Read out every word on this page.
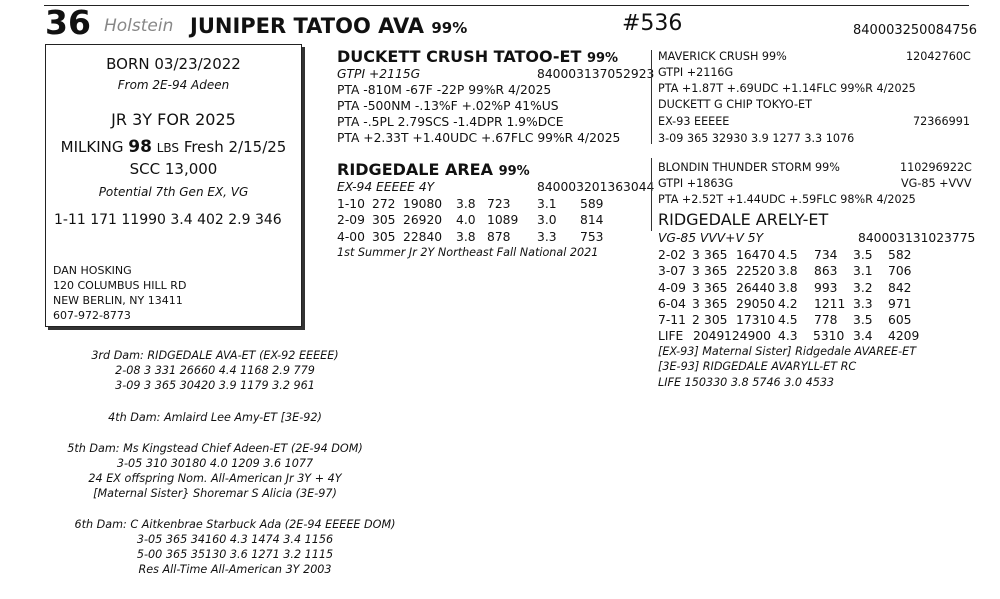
36 Holstein JUNIPER TATOO AVA 99%	#536	840003250084756
BORN 03/23/2022
From 2E-94 Adeen
JR 3Y FOR 2025
MILKING 98 LBS Fresh 2/15/25
SCC 13,000
Potential 7th Gen EX, VG
1-11 171 11990 3.4 402 2.9 346
DAN HOSKING
120 COLUMBUS HILL RD
NEW BERLIN, NY 13411
607-972-8773
DUCKETT CRUSH TATOO-ET 99%
GTPI +2115G	840003137052923
PTA -810M -67F -22P 99%R 4/2025
PTA -500NM -.13%F +.02%P 41%US
PTA -.5PL 2.79SCS -1.4DPR 1.9%DCE
PTA +2.33T +1.40UDC +.67FLC 99%R 4/2025
RIDGEDALE AREA 99%
EX-94 EEEEE 4Y	840003201363044
1-10 272 19080 3.8 723 3.1 589
2-09 305 26920 4.0 1089 3.0 814
4-00 305 22840 3.8 878 3.3 753
1st Summer Jr 2Y Northeast Fall National 2021
MAVERICK CRUSH 99%	12042760C
GTPI +2116G
PTA +1.87T +.69UDC +1.14FLC 99%R 4/2025
DUCKETT G CHIP TOKYO-ET
EX-93 EEEEE	72366991
3-09 365 32930 3.9 1277 3.3 1076
BLONDIN THUNDER STORM 99%	110296922C
GTPI +1863G	VG-85 +VVV
PTA +2.52T +1.44UDC +.59FLC 98%R 4/2025
RIDGEDALE ARELY-ET
VG-85 VVV+V 5Y	840003131023775
2-02 3 365 16470 4.5 734 3.5 582
3-07 3 365 22520 3.8 863 3.1 706
4-09 3 365 26440 3.8 993 3.2 842
6-04 3 365 29050 4.2 1211 3.3 971
7-11 2 305 17310 4.5 778 3.5 605
LIFE 2049 124900 4.3 5310 3.4 4209
[EX-93] Maternal Sister] Ridgedale AVAREE-ET
[3E-93] RIDGEDALE AVARYLL-ET RC
LIFE 150330 3.8 5746 3.0 4533
3rd Dam: RIDGEDALE AVA-ET (EX-92 EEEEE)
2-08 3 331 26660 4.4 1168 2.9 779
3-09 3 365 30420 3.9 1179 3.2 961
4th Dam: Amlaird Lee Amy-ET [3E-92)
5th Dam: Ms Kingstead Chief Adeen-ET (2E-94 DOM)
3-05 310 30180 4.0 1209 3.6 1077
24 EX offspring Nom. All-American Jr 3Y + 4Y
[Maternal Sister} Shoremar S Alicia (3E-97)
6th Dam: C Aitkenbrae Starbuck Ada (2E-94 EEEEE DOM)
3-05 365 34160 4.3 1474 3.4 1156
5-00 365 35130 3.6 1271 3.2 1115
Res All-Time All-American 3Y 2003
